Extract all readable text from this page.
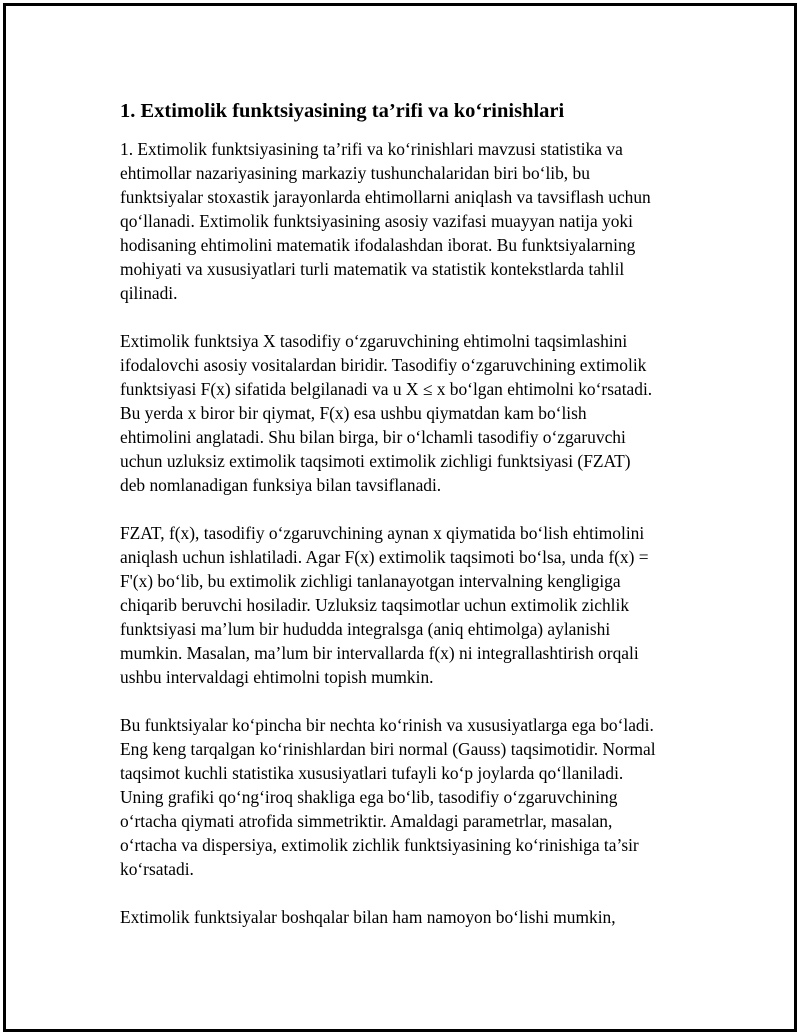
1. Extimolik funktsiyasining ta’rifi va ko‘rinishlari

1. Extimolik funktsiyasining ta’rifi va ko‘rinishlari mavzusi statistika va
ehtimollar nazariyasining markaziy tushunchalaridan biri bo‘lib, bu
funktsiyalar stoxastik jarayonlarda ehtimollarni aniqlash va tavsiflash uchun
qo‘llanadi. Extimolik funktsiyasining asosiy vazifasi muayyan natija yoki
hodisaning ehtimolini matematik ifodalashdan iborat. Bu funktsiyalarning
mohiyati va xususiyatlari turli matematik va statistik kontekstlarda tahlil
qilinadi.

Extimolik funktsiya X tasodifiy o‘zgaruvchining ehtimolni taqsimlashini
ifodalovchi asosiy vositalardan biridir. Tasodifiy o‘zgaruvchining extimolik
funktsiyasi F(x) sifatida belgilanadi va u X ≤ x bo‘lgan ehtimolni ko‘rsatadi.
Bu yerda x biror bir qiymat, F(x) esa ushbu qiymatdan kam bo‘lish
ehtimolini anglatadi. Shu bilan birga, bir o‘lchamli tasodifiy o‘zgaruvchi
uchun uzluksiz extimolik taqsimoti extimolik zichligi funktsiyasi (FZAT)
deb nomlanadigan funksiya bilan tavsiflanadi.

FZAT, f(x), tasodifiy o‘zgaruvchining aynan x qiymatida bo‘lish ehtimolini
aniqlash uchun ishlatiladi. Agar F(x) extimolik taqsimoti bo‘lsa, unda f(x) =
F'(x) bo‘lib, bu extimolik zichligi tanlanayotgan intervalning kengligiga
chiqarib beruvchi hosiladir. Uzluksiz taqsimotlar uchun extimolik zichlik
funktsiyasi ma’lum bir hududda integralsga (aniq ehtimolga) aylanishi
mumkin. Masalan, ma’lum bir intervallarda f(x) ni integrallashtirish orqali
ushbu intervaldagi ehtimolni topish mumkin.

Bu funktsiyalar ko‘pincha bir nechta ko‘rinish va xususiyatlarga ega bo‘ladi.
Eng keng tarqalgan ko‘rinishlardan biri normal (Gauss) taqsimotidir. Normal
taqsimot kuchli statistika xususiyatlari tufayli ko‘p joylarda qo‘llaniladi.
Uning grafiki qo‘ng‘iroq shakliga ega bo‘lib, tasodifiy o‘zgaruvchining
o‘rtacha qiymati atrofida simmetriktir. Amaldagi parametrlar, masalan,
o‘rtacha va dispersiya, extimolik zichlik funktsiyasining ko‘rinishiga ta’sir
ko‘rsatadi.

Extimolik funktsiyalar boshqalar bilan ham namoyon bo‘lishi mumkin,
